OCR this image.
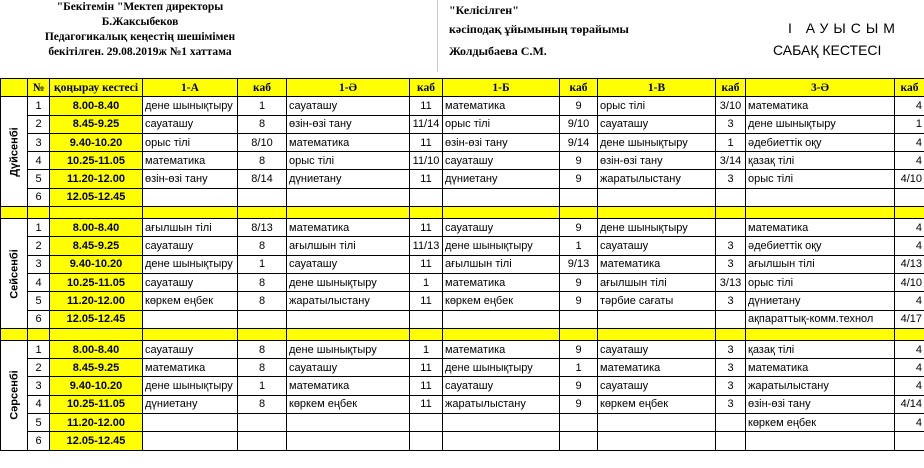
"Бекітемін "Мектеп директоры
Б.Жаксыбеков
Педагогикалық кеңестің шешімімен
бекітілген. 29.08.2019ж №1 хаттама
"Келісілген"
кәсіподақ ұйымының төрайымы
Жолдыбаева С.М.
І АУЫСЫМ
САБАҚ КЕСТЕСІ
	№	қоңырау кестесі	1-А	каб	1-Ә	каб	1-Б	каб	1-В	каб	3-Ә	каб
Дүйсенбі	1	8.00-8.40	дене шынықтыру	1	сауаташу	11	математика	9	орыс тілі	3/10	математика	4
	2	8.45-9.25	сауаташу	8	өзін-өзі тану	11/14	орыс тілі	9/10	сауаташу	3	дене шынықтыру	1
	3	9.40-10.20	орыс тілі	8/10	математика	11	өзін-өзі тану	9/14	дене шынықтыру	1	әдебиеттік оқу	4
	4	10.25-11.05	математика	8	орыс тілі	11/10	сауаташу	9	өзін-өзі тану	3/14	қазақ тілі	4
	5	11.20-12.00	өзін-өзі тану	8/14	дүниетану	11	дүниетану	9	жаратылыстану	3	орыс тілі	4/10
	6	12.05-12.45										

Сейсенбі	1	8.00-8.40	ағылшын тілі	8/13	математика	11	сауаташу	9	дене шынықтыру		математика	4
	2	8.45-9.25	сауаташу	8	ағылшын тілі	11/13	дене шынықтыру	1	сауаташу	3	әдебиеттік оқу	4
	3	9.40-10.20	дене шынықтыру	1	сауаташу	11	ағылшын тілі	9/13	математика	3	ағылшын тілі	4/13
	4	10.25-11.05	сауаташу	8	дене шынықтыру	1	математика	9	ағылшын тілі	3/13	орыс тілі	4/10
	5	11.20-12.00	көркем еңбек	8	жаратылыстану	11	көркем еңбек	9	тәрбие сағаты	3	дүниетану	4
	6	12.05-12.45									ақпараттық-комм.технол	4/17

Сәрсенбі	1	8.00-8.40	сауаташу	8	дене шынықтыру	1	математика	9	сауаташу	3	қазақ тілі	4
	2	8.45-9.25	математика	8	сауаташу	11	дене шынықтыру	1	математика	3	математика	4
	3	9.40-10.20	дене шынықтыру	1	математика	11	сауаташу	9	сауаташу	3	жаратылыстану	4
	4	10.25-11.05	дүниетану	8	көркем еңбек	11	жаратылыстану	9	көркем еңбек	3	өзін-өзі тану	4/14
	5	11.20-12.00									көркем еңбек	4
	6	12.05-12.45										
